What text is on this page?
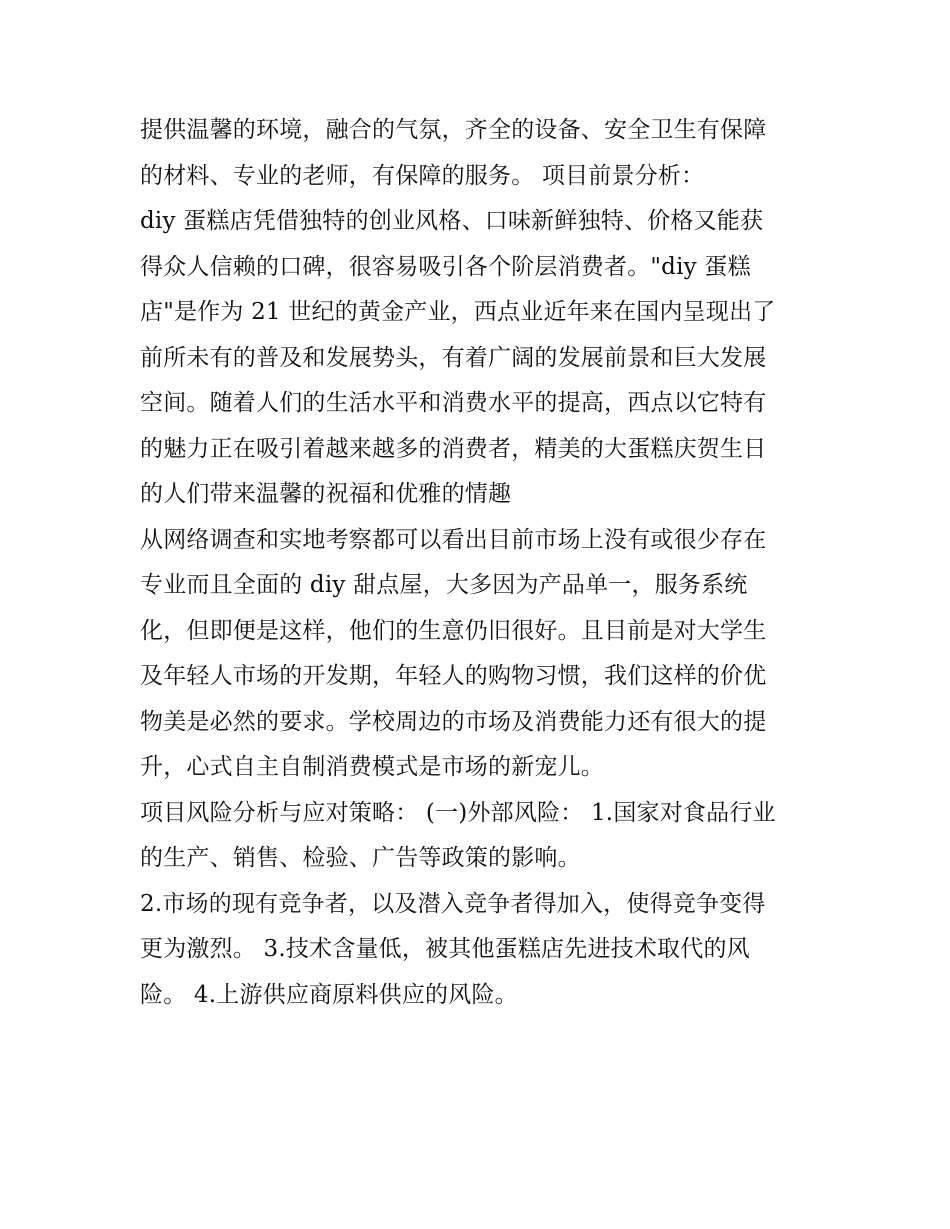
提供温馨的环境，融合的气氛，齐全的设备、安全卫生有保障
的材料、专业的老师，有保障的服务。 项目前景分析：
diy 蛋糕店凭借独特的创业风格、口味新鲜独特、价格又能获
得众人信赖的口碑，很容易吸引各个阶层消费者。"diy 蛋糕
店"是作为 21 世纪的黄金产业，西点业近年来在国内呈现出了
前所未有的普及和发展势头，有着广阔的发展前景和巨大发展
空间。随着人们的生活水平和消费水平的提高，西点以它特有
的魅力正在吸引着越来越多的消费者，精美的大蛋糕庆贺生日
的人们带来温馨的祝福和优雅的情趣
从网络调查和实地考察都可以看出目前市场上没有或很少存在
专业而且全面的 diy 甜点屋，大多因为产品单一，服务系统
化，但即便是这样，他们的生意仍旧很好。且目前是对大学生
及年轻人市场的开发期，年轻人的购物习惯，我们这样的价优
物美是必然的要求。学校周边的市场及消费能力还有很大的提
升，心式自主自制消费模式是市场的新宠儿。
项目风险分析与应对策略： (一)外部风险： 1.国家对食品行业
的生产、销售、检验、广告等政策的影响。
2.市场的现有竞争者，以及潜入竞争者得加入，使得竞争变得
更为激烈。 3.技术含量低，被其他蛋糕店先进技术取代的风
险。 4.上游供应商原料供应的风险。
